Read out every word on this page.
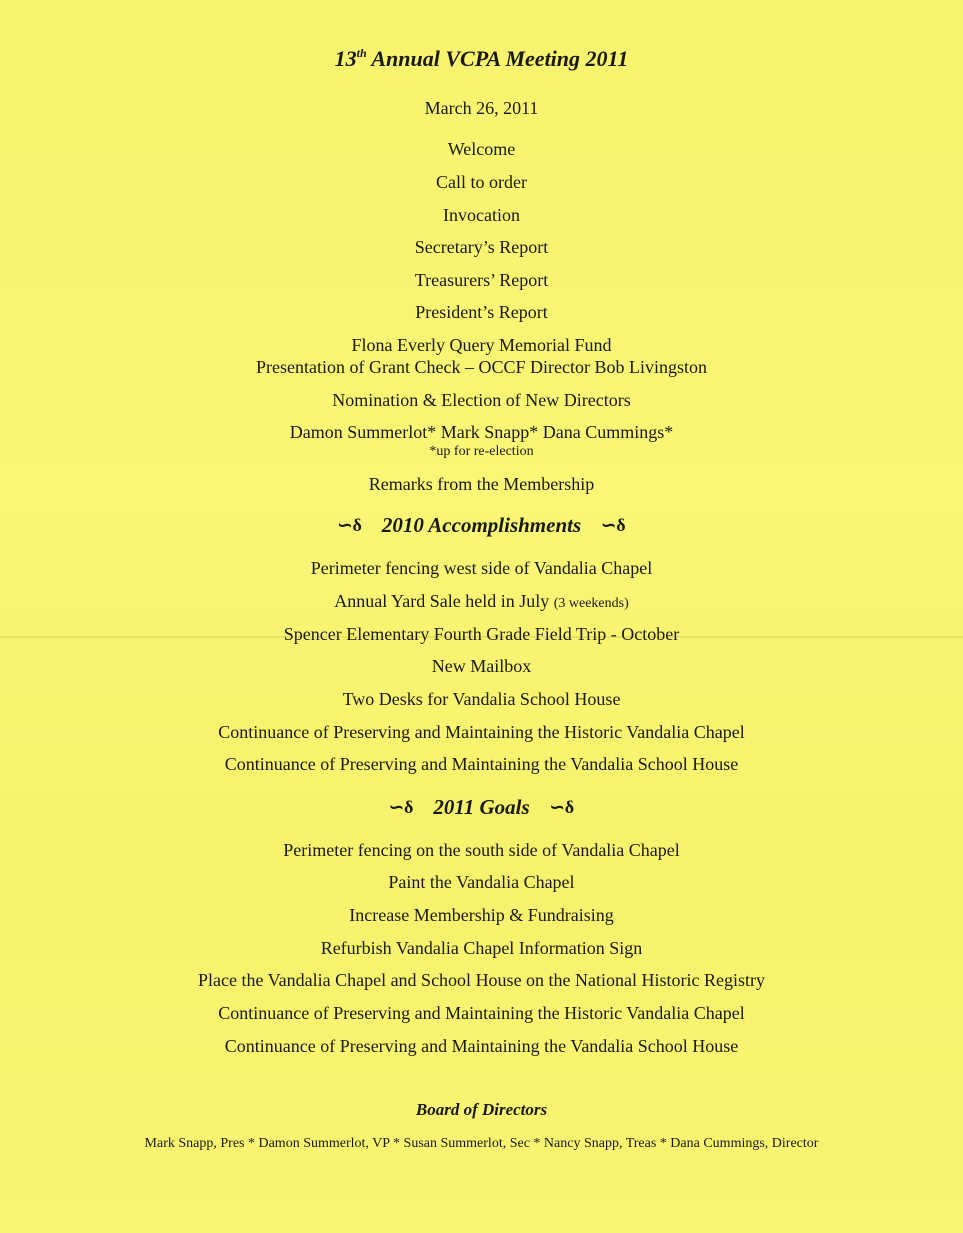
13th Annual VCPA Meeting 2011
March 26, 2011
Welcome
Call to order
Invocation
Secretary’s Report
Treasurers’ Report
President’s Report
Flona Everly Query Memorial Fund
Presentation of Grant Check – OCCF Director Bob Livingston
Nomination & Election of New Directors
Damon Summerlot* Mark Snapp* Dana Cummings*
*up for re-election
Remarks from the Membership
∽δ 2010 Accomplishments ∽δ
Perimeter fencing west side of Vandalia Chapel
Annual Yard Sale held in July (3 weekends)
Spencer Elementary Fourth Grade Field Trip - October
New Mailbox
Two Desks for Vandalia School House
Continuance of Preserving and Maintaining the Historic Vandalia Chapel
Continuance of Preserving and Maintaining the Vandalia School House
∽δ 2011 Goals ∽δ
Perimeter fencing on the south side of Vandalia Chapel
Paint the Vandalia Chapel
Increase Membership & Fundraising
Refurbish Vandalia Chapel Information Sign
Place the Vandalia Chapel and School House on the National Historic Registry
Continuance of Preserving and Maintaining the Historic Vandalia Chapel
Continuance of Preserving and Maintaining the Vandalia School House
Board of Directors
Mark Snapp, Pres * Damon Summerlot, VP * Susan Summerlot, Sec * Nancy Snapp, Treas * Dana Cummings, Director
